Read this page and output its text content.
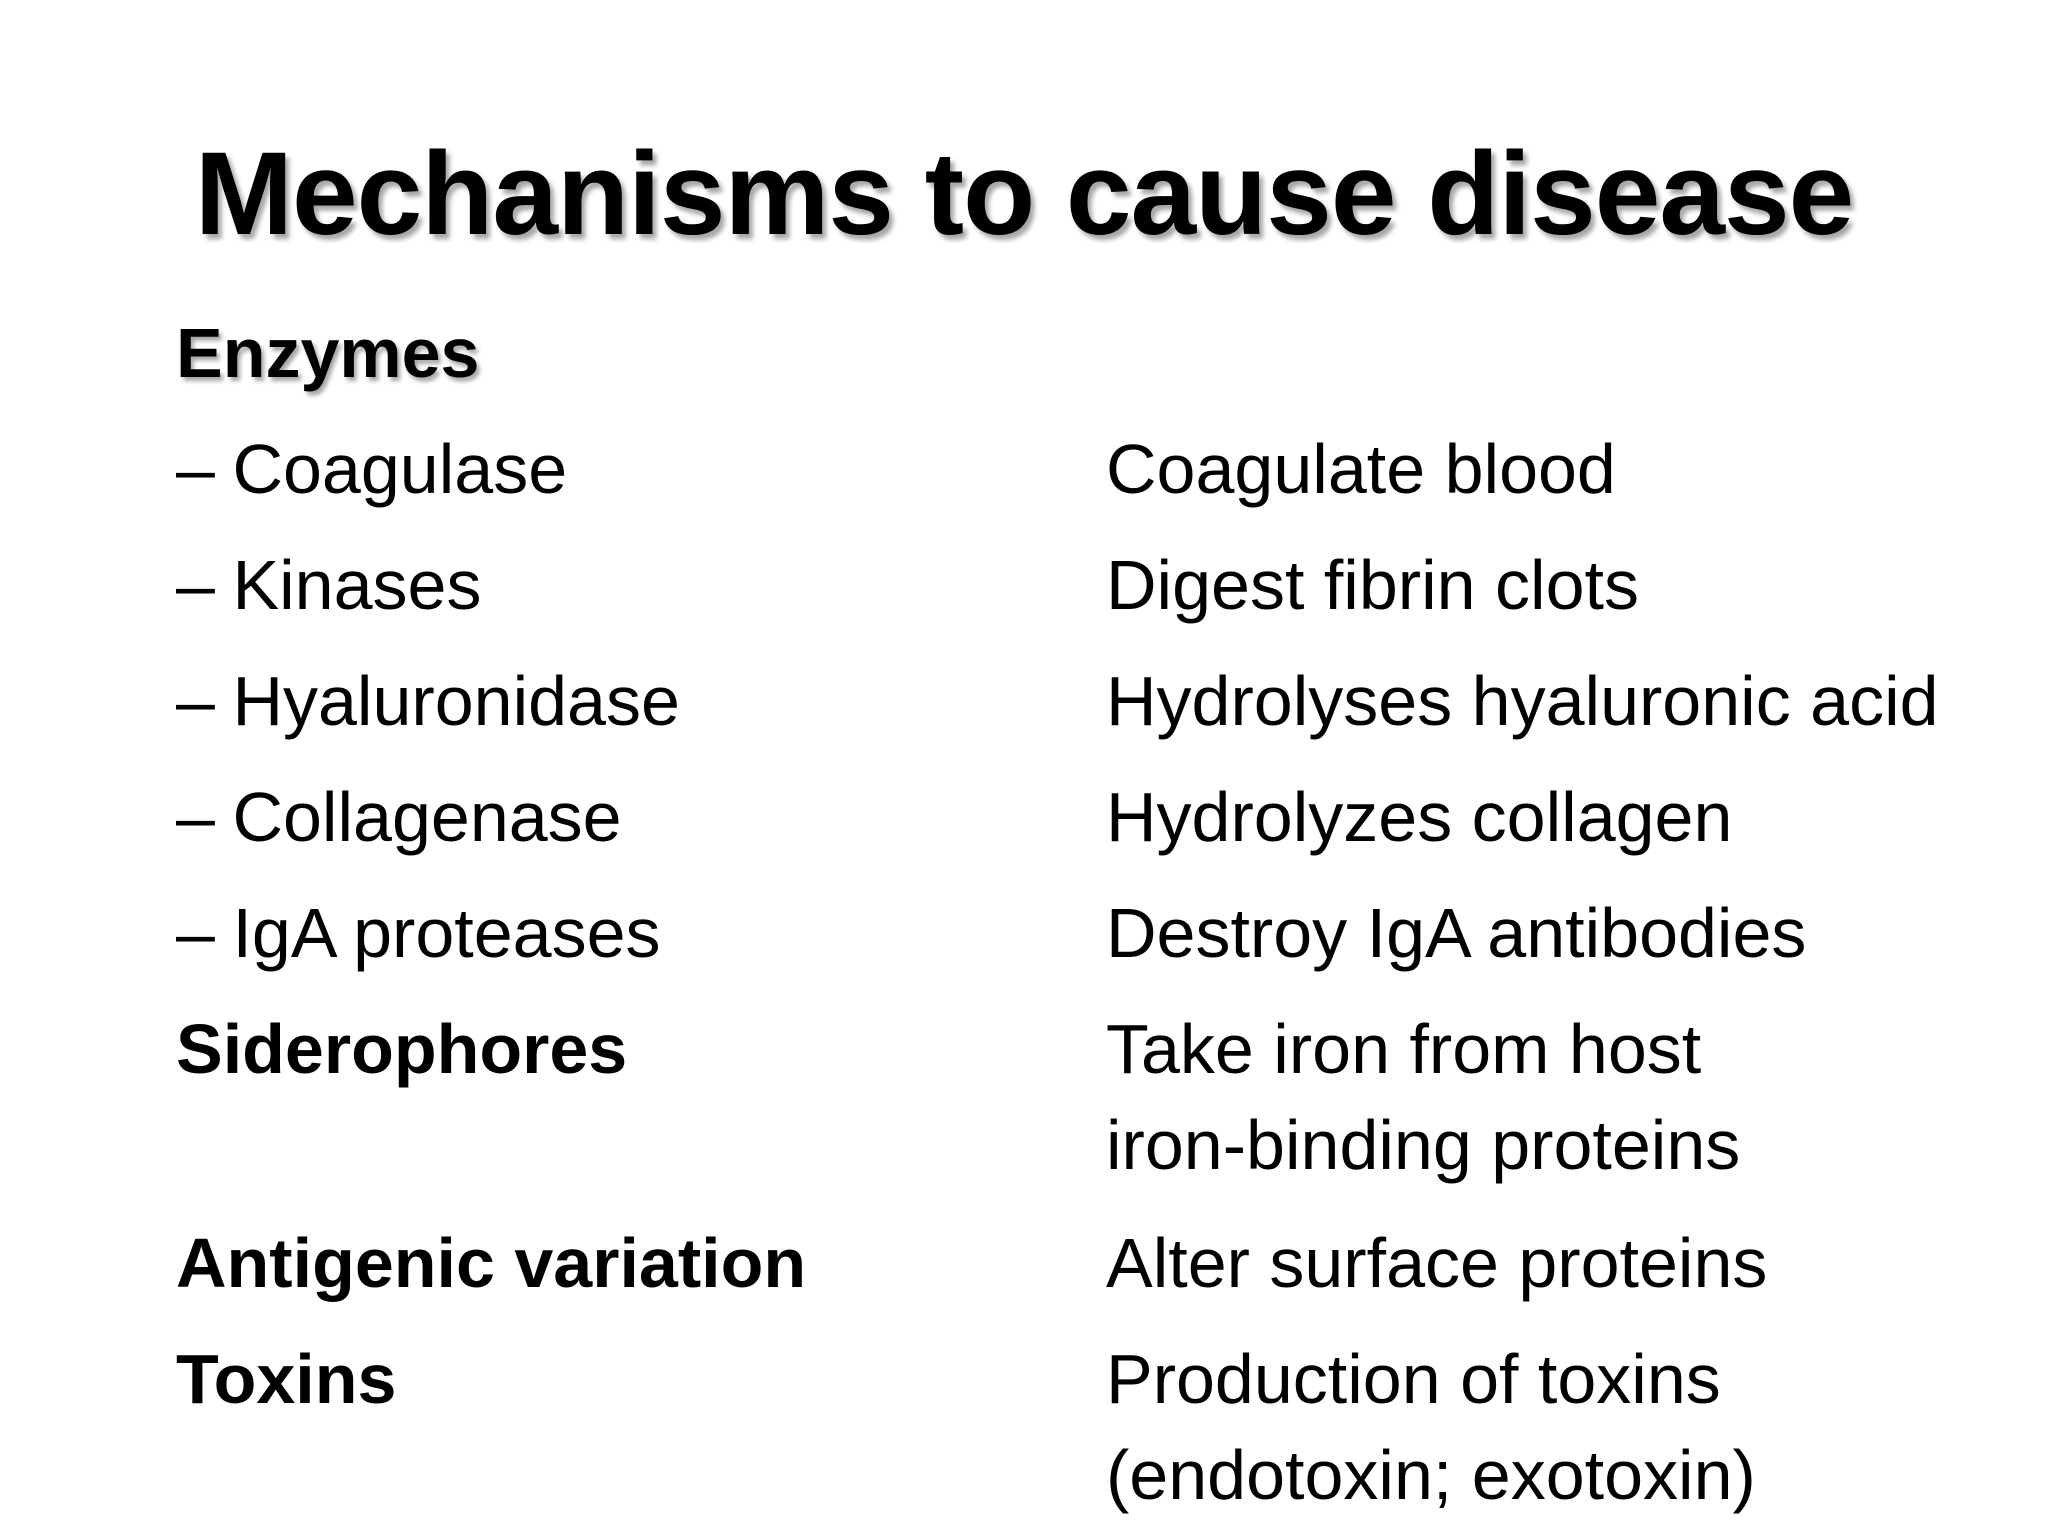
Mechanisms to cause disease
Enzymes
– Coagulase	Coagulate blood
– Kinases	Digest fibrin clots
– Hyaluronidase	Hydrolyses hyaluronic acid
– Collagenase	Hydrolyzes collagen
– IgA proteases	Destroy IgA antibodies
Siderophores	Take iron from host
iron-binding proteins
Antigenic variation	Alter surface proteins
Toxins	Production of toxins
(endotoxin; exotoxin)
